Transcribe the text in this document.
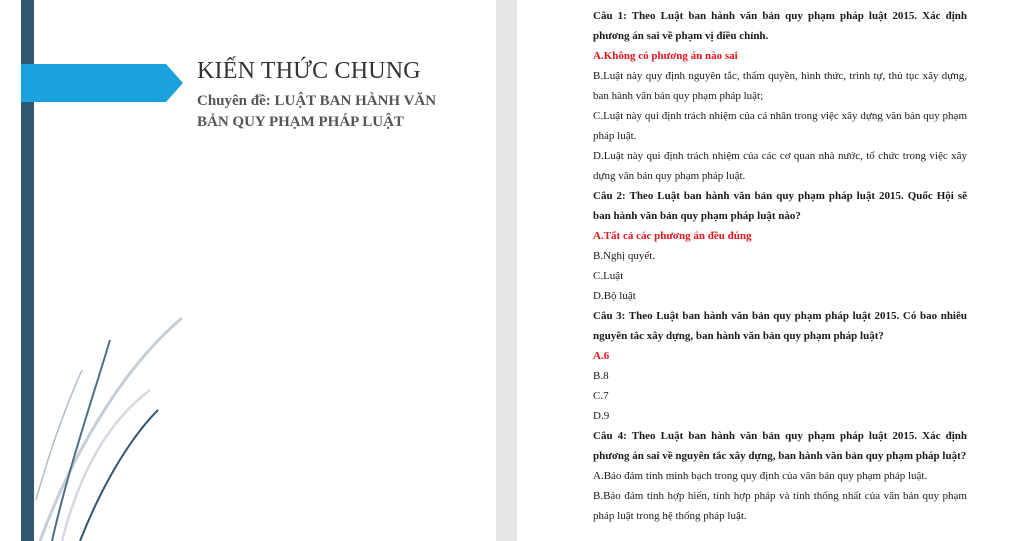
KIẾN THỨC CHUNG
Chuyên đề: LUẬT BAN HÀNH VĂN BẢN QUY PHẠM PHÁP LUẬT

Câu 1: Theo Luật ban hành văn bản quy phạm pháp luật 2015. Xác định phương án sai về phạm vị điều chỉnh.

A.Không có phương án nào sai

B.Luật này quy định nguyên tắc, thẩm quyền, hình thức, trình tự, thủ tục xây dựng, ban hành văn bản quy phạm pháp luật;

C.Luật này qui định trách nhiệm của cá nhân trong việc xây dựng văn bản quy phạm pháp luật.

D.Luật này qui định trách nhiệm của các cơ quan nhà nước, tổ chức trong việc xây dựng văn bản quy phạm pháp luật.

Câu 2: Theo Luật ban hành văn bản quy phạm pháp luật 2015. Quốc Hội sẽ ban hành văn bản quy phạm pháp luật nào?

A.Tất cả các phương án đều đúng

B.Nghị quyết.

C.Luật

D.Bộ luật

Câu 3: Theo Luật ban hành văn bản quy phạm pháp luật 2015. Có bao nhiêu nguyên tắc xây dựng, ban hành văn bản quy phạm pháp luật?

A.6

B.8

C.7

D.9

Câu 4: Theo Luật ban hành văn bản quy phạm pháp luật 2015. Xác định phương án sai về nguyên tắc xây dựng, ban hành văn bản quy phạm pháp luật?

A.Bảo đảm tính minh bạch trong quy định của văn bản quy phạm pháp luật.

B.Bảo đảm tính hợp hiến, tính hợp pháp và tính thống nhất của văn bản quy phạm pháp luật trong hệ thống pháp luật.
